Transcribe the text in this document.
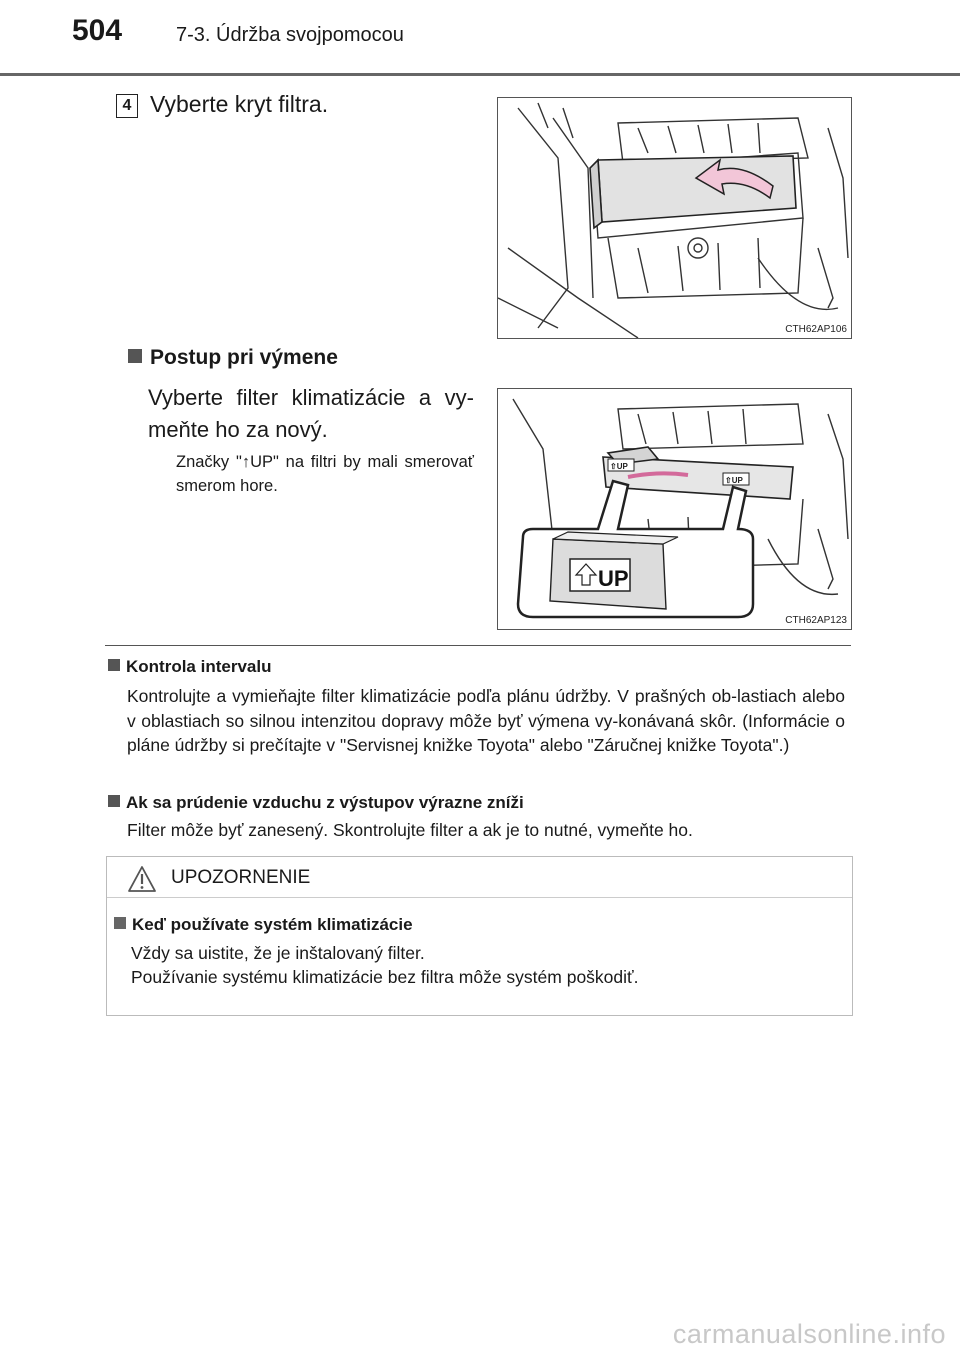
504	7-3. Údržba svojpomocou
4 Vyberte kryt filtra.
CTH62AP106
Postup pri výmene
Vyberte filter klimatizácie a vy-meňte ho za nový.
Značky "↑UP" na filtri by mali smerovať smerom hore.
⇧UP
⇧UP
UP
CTH62AP123
Kontrola intervalu
Kontrolujte a vymieňajte filter klimatizácie podľa plánu údržby. V prašných ob-lastiach alebo v oblastiach so silnou intenzitou dopravy môže byť výmena vy-konávaná skôr. (Informácie o pláne údržby si prečítajte v "Servisnej knižke Toyota" alebo "Záručnej knižke Toyota".)
Ak sa prúdenie vzduchu z výstupov výrazne zníži
Filter môže byť zanesený. Skontrolujte filter a ak je to nutné, vymeňte ho.
UPOZORNENIE
Keď používate systém klimatizácie
Vždy sa uistite, že je inštalovaný filter.
Používanie systému klimatizácie bez filtra môže systém poškodiť.
carmanualsonline.info
